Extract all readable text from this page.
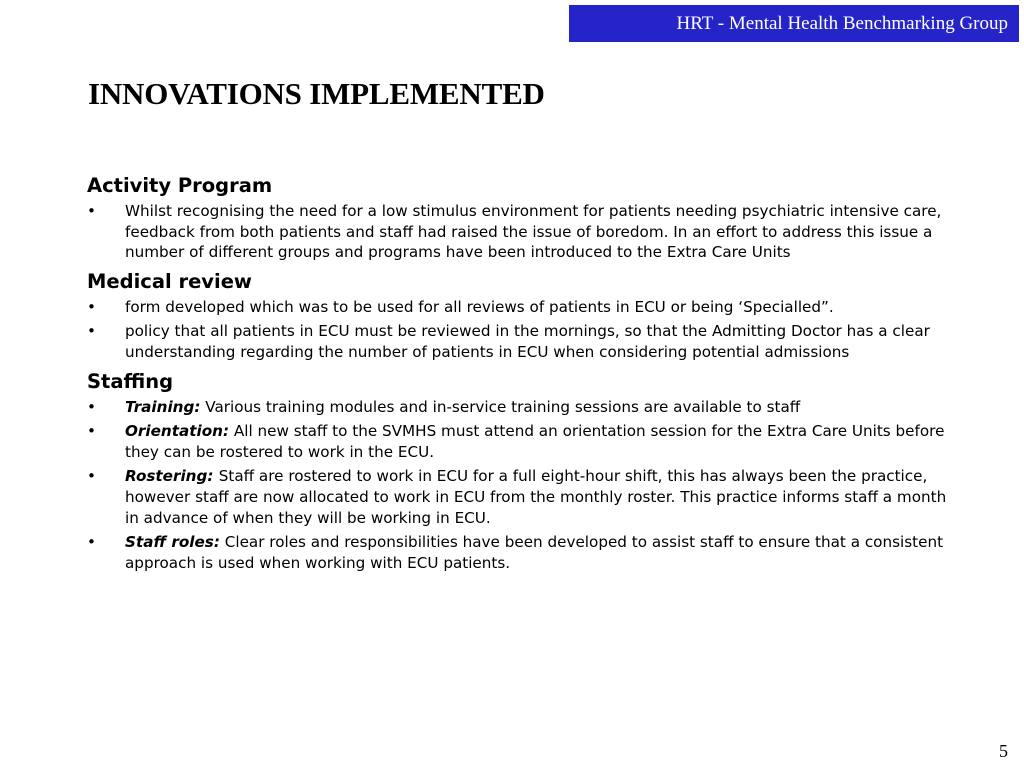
HRT - Mental Health Benchmarking Group
INNOVATIONS IMPLEMENTED
Activity Program
• Whilst recognising the need for a low stimulus environment for patients needing psychiatric intensive care, feedback from both patients and staff had raised the issue of boredom. In an effort to address this issue a number of different groups and programs have been introduced to the Extra Care Units
Medical review
• form developed which was to be used for all reviews of patients in ECU or being ‘Specialled”.
• policy that all patients in ECU must be reviewed in the mornings, so that the Admitting Doctor has a clear understanding regarding the number of patients in ECU when considering potential admissions
Staffing
• Training: Various training modules and in-service training sessions are available to staff
• Orientation: All new staff to the SVMHS must attend an orientation session for the Extra Care Units before they can be rostered to work in the ECU.
• Rostering: Staff are rostered to work in ECU for a full eight-hour shift, this has always been the practice, however staff are now allocated to work in ECU from the monthly roster. This practice informs staff a month in advance of when they will be working in ECU.
• Staff roles: Clear roles and responsibilities have been developed to assist staff to ensure that a consistent approach is used when working with ECU patients.
5
